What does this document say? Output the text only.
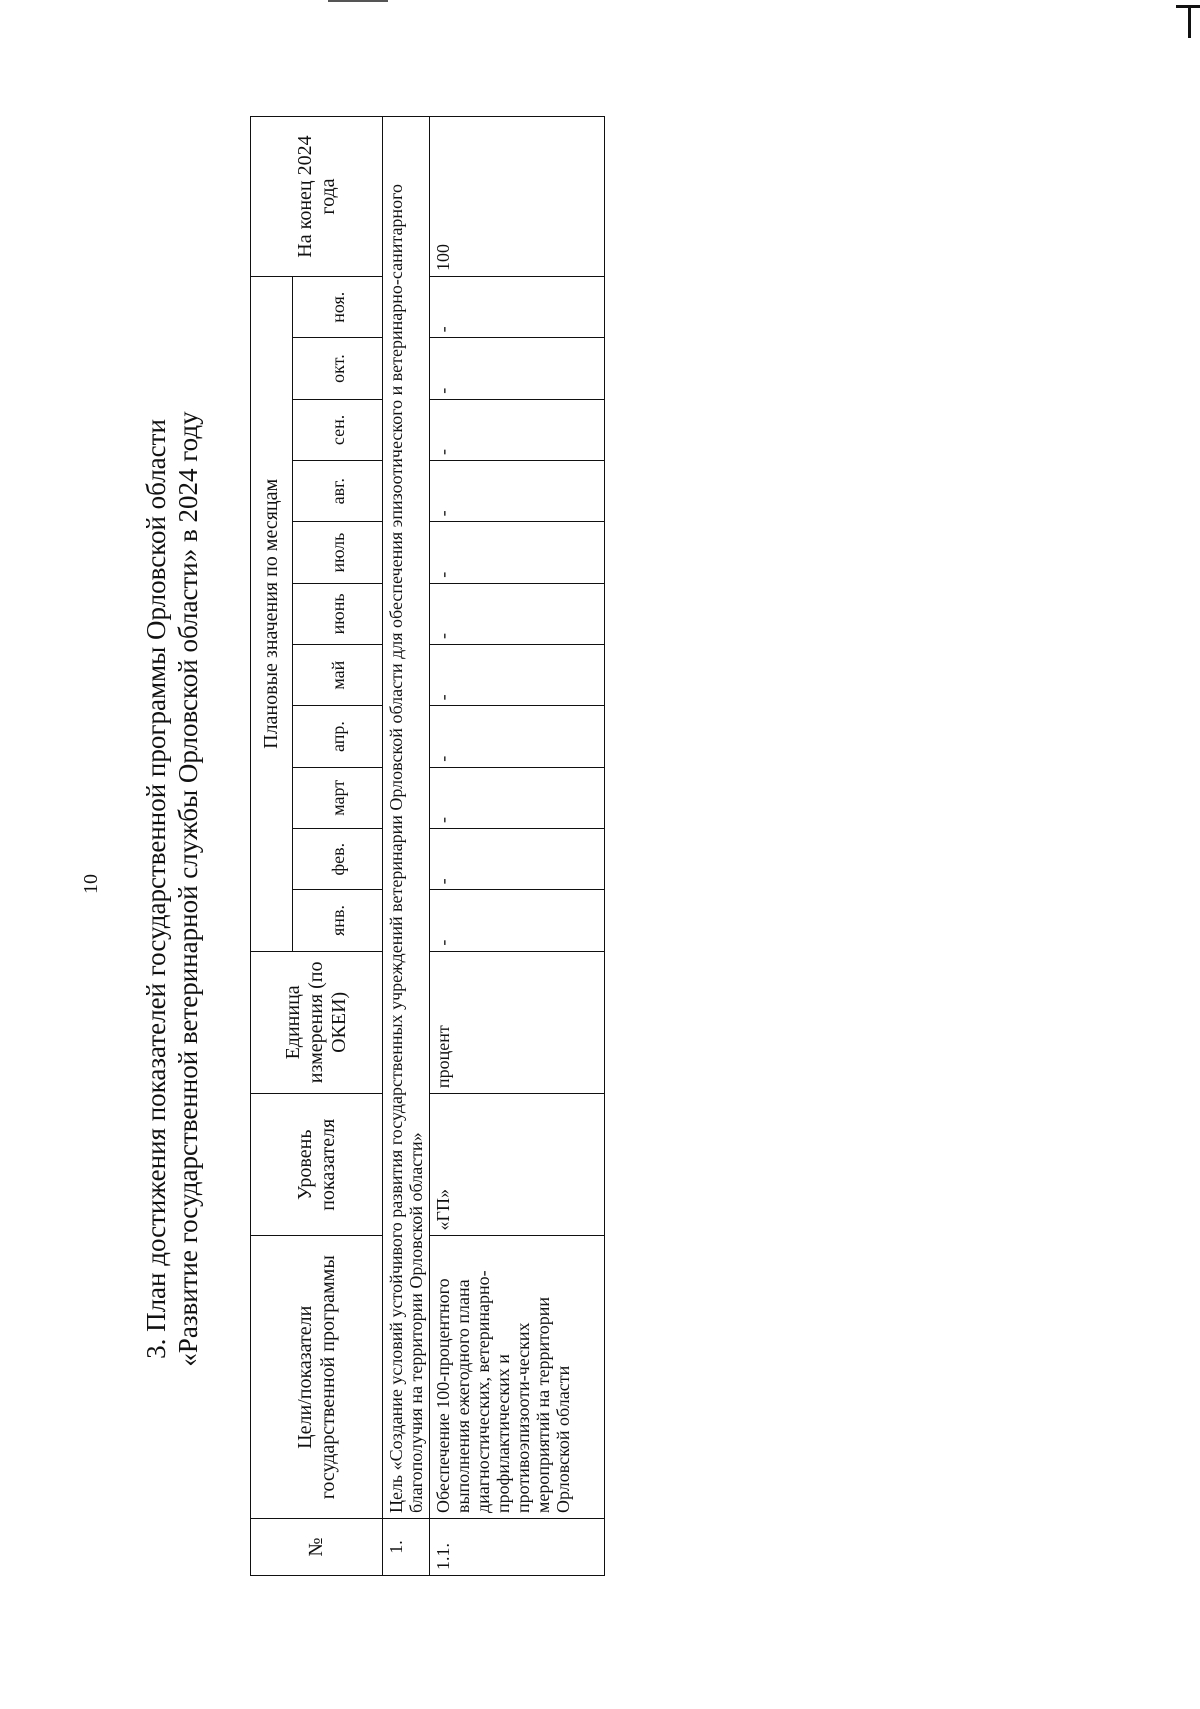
10 3. План достижения показателей государственной программы Орловской области «Развитие государственной ветеринарной службы Орловской области» в 2024 году
№	Цели/показатели государственной программы	Уровень показателя	Единица измерения (по ОКЕИ)	Плановые значения по месяцам											На конец 2024 года
				янв.	фев.	март	апр.	май	июнь	июль	авг.	сен.	окт.	ноя.	
1.	Цель «Создание условий устойчивого развития государственных учреждений ветеринарии Орловской области для обеспечения эпизоотического и ветеринарно-санитарного благополучия на территории Орловской области»														
1.1.	Обеспечение 100-процентного выполнения ежегодного плана диагностических, ветеринарно-профилактических и противоэпизооти-ческих мероприятий на территории Орловской области	«ГП»	процент	-	-	-	-	-	-	-	-	-	-	-	100
